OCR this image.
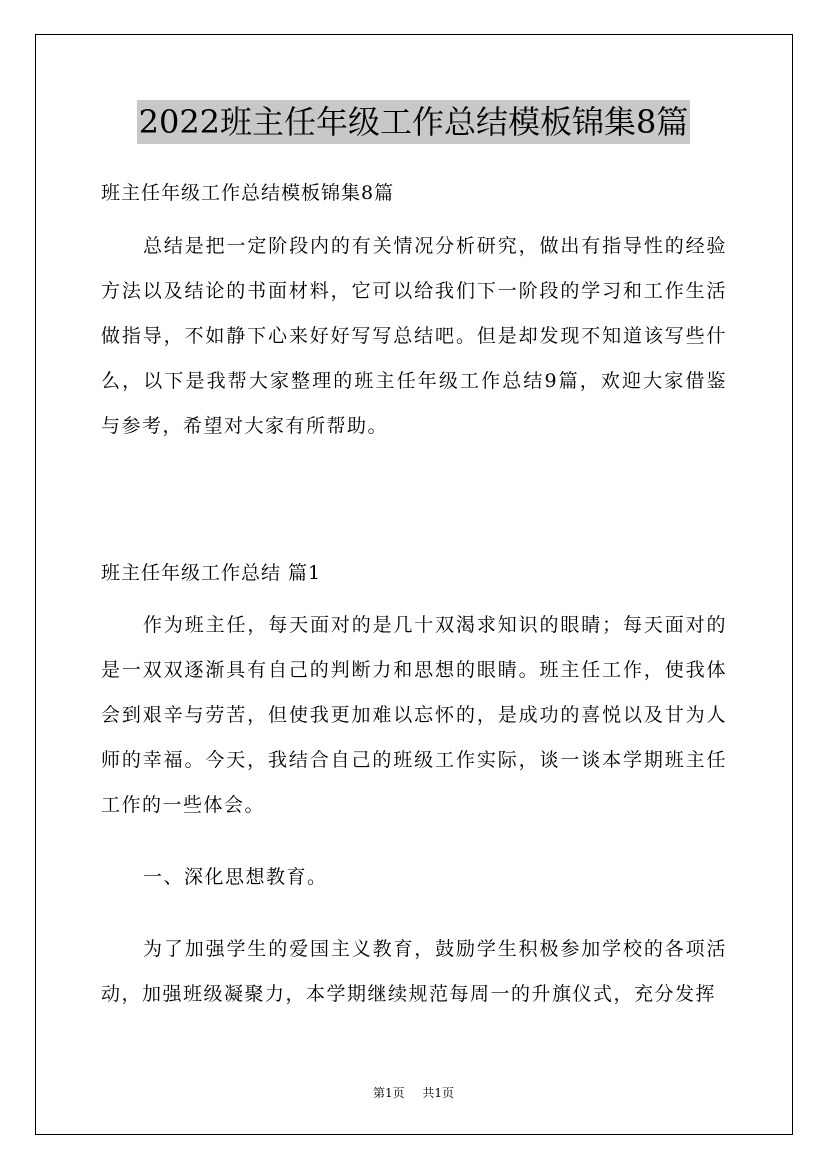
2022班主任年级工作总结模板锦集8篇

班主任年级工作总结模板锦集8篇

总结是把一定阶段内的有关情况分析研究，做出有指导性的经验方法以及结论的书面材料，它可以给我们下一阶段的学习和工作生活做指导，不如静下心来好好写写总结吧。但是却发现不知道该写些什么，以下是我帮大家整理的班主任年级工作总结9篇，欢迎大家借鉴与参考，希望对大家有所帮助。

班主任年级工作总结 篇1

作为班主任，每天面对的是几十双渴求知识的眼睛；每天面对的是一双双逐渐具有自己的判断力和思想的眼睛。班主任工作，使我体会到艰辛与劳苦，但使我更加难以忘怀的，是成功的喜悦以及甘为人师的幸福。今天，我结合自己的班级工作实际，谈一谈本学期班主任工作的一些体会。

一、深化思想教育。

为了加强学生的爱国主义教育，鼓励学生积极参加学校的各项活动，加强班级凝聚力，本学期继续规范每周一的升旗仪式，充分发挥

第1页 共1页
